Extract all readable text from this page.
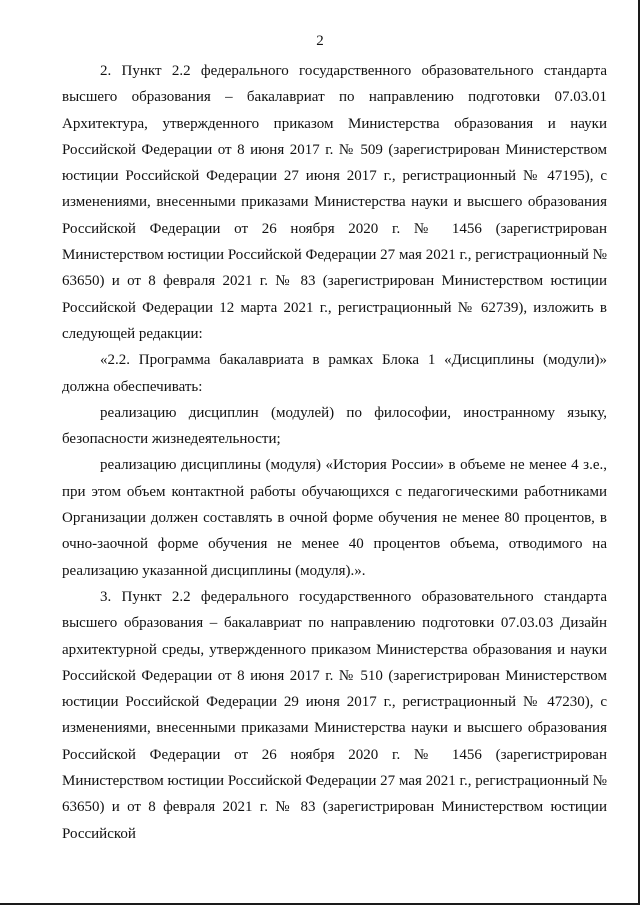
2

2. Пункт 2.2 федерального государственного образовательного стандарта высшего образования – бакалавриат по направлению подготовки 07.03.01 Архитектура, утвержденного приказом Министерства образования и науки Российской Федерации от 8 июня 2017 г. № 509 (зарегистрирован Министерством юстиции Российской Федерации 27 июня 2017 г., регистрационный № 47195), с изменениями, внесенными приказами Министерства науки и высшего образования Российской Федерации от 26 ноября 2020 г. № 1456 (зарегистрирован Министерством юстиции Российской Федерации 27 мая 2021 г., регистрационный № 63650) и от 8 февраля 2021 г. № 83 (зарегистрирован Министерством юстиции Российской Федерации 12 марта 2021 г., регистрационный № 62739), изложить в следующей редакции:

«2.2. Программа бакалавриата в рамках Блока 1 «Дисциплины (модули)» должна обеспечивать:

реализацию дисциплин (модулей) по философии, иностранному языку, безопасности жизнедеятельности;

реализацию дисциплины (модуля) «История России» в объеме не менее 4 з.е., при этом объем контактной работы обучающихся с педагогическими работниками Организации должен составлять в очной форме обучения не менее 80 процентов, в очно-заочной форме обучения не менее 40 процентов объема, отводимого на реализацию указанной дисциплины (модуля).».

3. Пункт 2.2 федерального государственного образовательного стандарта высшего образования – бакалавриат по направлению подготовки 07.03.03 Дизайн архитектурной среды, утвержденного приказом Министерства образования и науки Российской Федерации от 8 июня 2017 г. № 510 (зарегистрирован Министерством юстиции Российской Федерации 29 июня 2017 г., регистрационный № 47230), с изменениями, внесенными приказами Министерства науки и высшего образования Российской Федерации от 26 ноября 2020 г. № 1456 (зарегистрирован Министерством юстиции Российской Федерации 27 мая 2021 г., регистрационный № 63650) и от 8 февраля 2021 г. № 83 (зарегистрирован Министерством юстиции Российской
